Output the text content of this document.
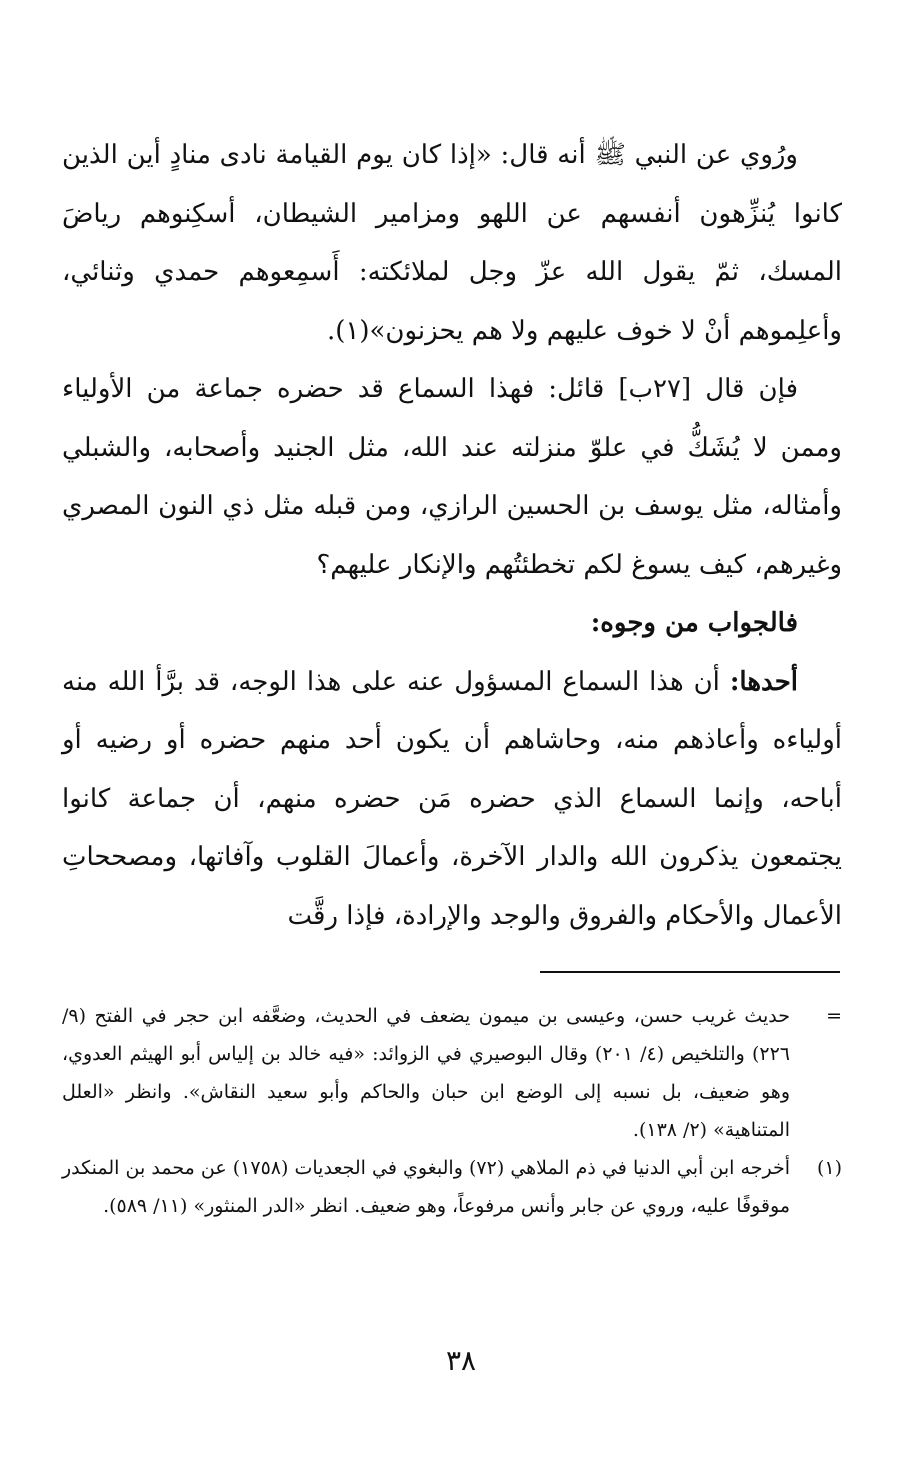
ورُوي عن النبي ﷺ أنه قال: «إذا كان يوم القيامة نادى منادٍ أين الذين كانوا يُنزِّهون أنفسهم عن اللهو ومزامير الشيطان، أسكِنوهم رياضَ المسك، ثمّ يقول الله عزّ وجل لملائكته: أَسمِعوهم حمدي وثنائي، وأعلِموهم أنْ لا خوف عليهم ولا هم يحزنون»(١).

فإن قال [٢٧ب] قائل: فهذا السماع قد حضره جماعة من الأولياء وممن لا يُشَكُّ في علوّ منزلته عند الله، مثل الجنيد وأصحابه، والشبلي وأمثاله، مثل يوسف بن الحسين الرازي، ومن قبله مثل ذي النون المصري وغيرهم، كيف يسوغ لكم تخطئتُهم والإنكار عليهم؟

فالجواب من وجوه:

أحدها: أن هذا السماع المسؤول عنه على هذا الوجه، قد برَّأ الله منه أولياءه وأعاذهم منه، وحاشاهم أن يكون أحد منهم حضره أو رضيه أو أباحه، وإنما السماع الذي حضره مَن حضره منهم، أن جماعة كانوا يجتمعون يذكرون الله والدار الآخرة، وأعمالَ القلوب وآفاتها، ومصححاتِ الأعمال والأحكام والفروق والوجد والإرادة، فإذا رقَّت

=
حديث غريب حسن، وعيسى بن ميمون يضعف في الحديث، وضعَّفه ابن حجر في الفتح (٩/ ٢٢٦) والتلخيص (٤/ ٢٠١) وقال البوصيري في الزوائد: «فيه خالد بن إلياس أبو الهيثم العدوي، وهو ضعيف، بل نسبه إلى الوضع ابن حبان والحاكم وأبو سعيد النقاش». وانظر «العلل المتناهية» (٢/ ١٣٨).
(١)
أخرجه ابن أبي الدنيا في ذم الملاهي (٧٢) والبغوي في الجعديات (١٧٥٨) عن محمد بن المنكدر موقوفًا عليه، وروي عن جابر وأنس مرفوعاً، وهو ضعيف. انظر «الدر المنثور» (١١/ ٥٨٩).
٣٨
